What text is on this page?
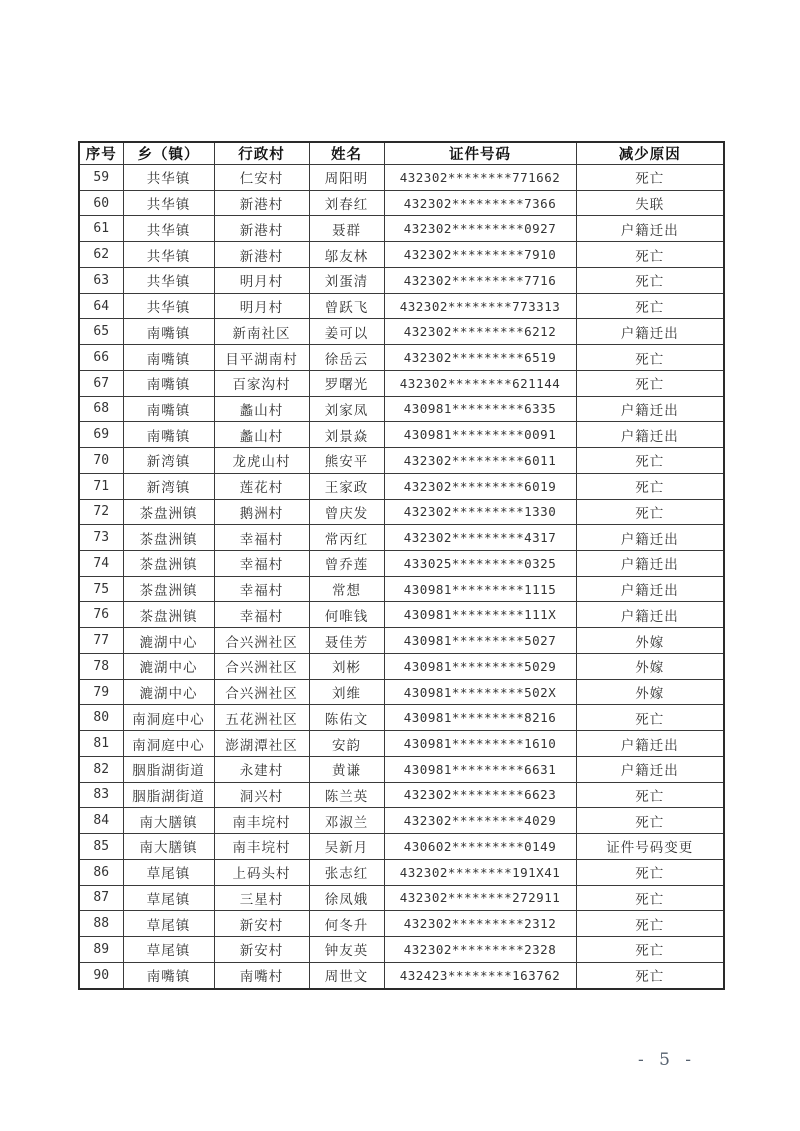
序号	乡（镇）	行政村	姓名	证件号码	减少原因
59	共华镇	仁安村	周阳明	432302********771662	死亡
60	共华镇	新港村	刘春红	432302*********7366	失联
61	共华镇	新港村	聂群	432302*********0927	户籍迁出
62	共华镇	新港村	邬友林	432302*********7910	死亡
63	共华镇	明月村	刘蛋清	432302*********7716	死亡
64	共华镇	明月村	曾跃飞	432302********773313	死亡
65	南嘴镇	新南社区	姜可以	432302*********6212	户籍迁出
66	南嘴镇	目平湖南村	徐岳云	432302*********6519	死亡
67	南嘴镇	百家沟村	罗曙光	432302********621144	死亡
68	南嘴镇	蠡山村	刘家凤	430981*********6335	户籍迁出
69	南嘴镇	蠡山村	刘景焱	430981*********0091	户籍迁出
70	新湾镇	龙虎山村	熊安平	432302*********6011	死亡
71	新湾镇	莲花村	王家政	432302*********6019	死亡
72	茶盘洲镇	鹅洲村	曾庆发	432302*********1330	死亡
73	茶盘洲镇	幸福村	常丙红	432302*********4317	户籍迁出
74	茶盘洲镇	幸福村	曾乔莲	433025*********0325	户籍迁出
75	茶盘洲镇	幸福村	常想	430981*********1115	户籍迁出
76	茶盘洲镇	幸福村	何唯钱	430981*********111X	户籍迁出
77	漉湖中心	合兴洲社区	聂佳芳	430981*********5027	外嫁
78	漉湖中心	合兴洲社区	刘彬	430981*********5029	外嫁
79	漉湖中心	合兴洲社区	刘维	430981*********502X	外嫁
80	南洞庭中心	五花洲社区	陈佑文	430981*********8216	死亡
81	南洞庭中心	澎湖潭社区	安韵	430981*********1610	户籍迁出
82	胭脂湖街道	永建村	黄谦	430981*********6631	户籍迁出
83	胭脂湖街道	洞兴村	陈兰英	432302*********6623	死亡
84	南大膳镇	南丰垸村	邓淑兰	432302*********4029	死亡
85	南大膳镇	南丰垸村	吴新月	430602*********0149	证件号码变更
86	草尾镇	上码头村	张志红	432302********191X41	死亡
87	草尾镇	三星村	徐凤娥	432302********272911	死亡
88	草尾镇	新安村	何冬升	432302*********2312	死亡
89	草尾镇	新安村	钟友英	432302*********2328	死亡
90	南嘴镇	南嘴村	周世文	432423********163762	死亡
- 5 -
